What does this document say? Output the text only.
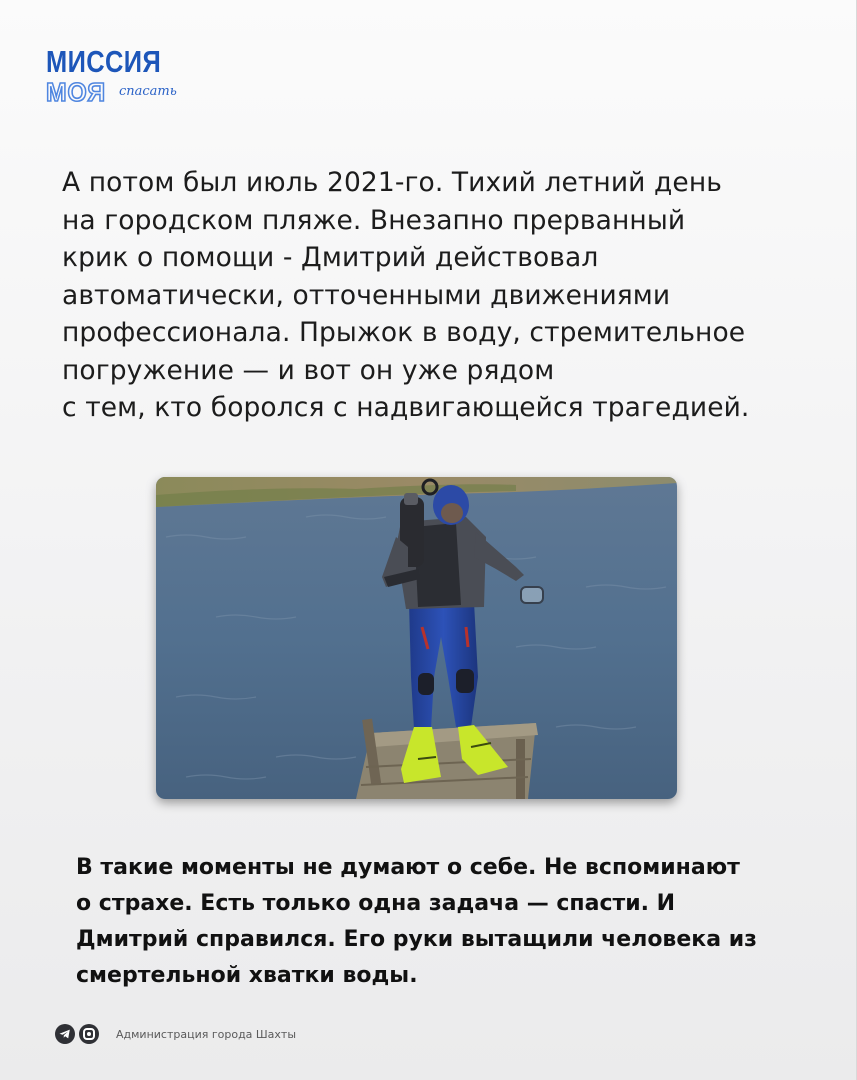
МИССИЯ
МОЯ спасать
А потом был июль 2021-го. Тихий летний день
на городском пляже. Внезапно прерванный
крик о помощи - Дмитрий действовал
автоматически, отточенными движениями
профессионала. Прыжок в воду, стремительное
погружение — и вот он уже рядом
с тем, кто боролся с надвигающейся трагедией.
В такие моменты не думают о себе. Не вспоминают
о страхе. Есть только одна задача — спасти. И
Дмитрий справился. Его руки вытащили человека из
смертельной хватки воды.
Администрация города Шахты
